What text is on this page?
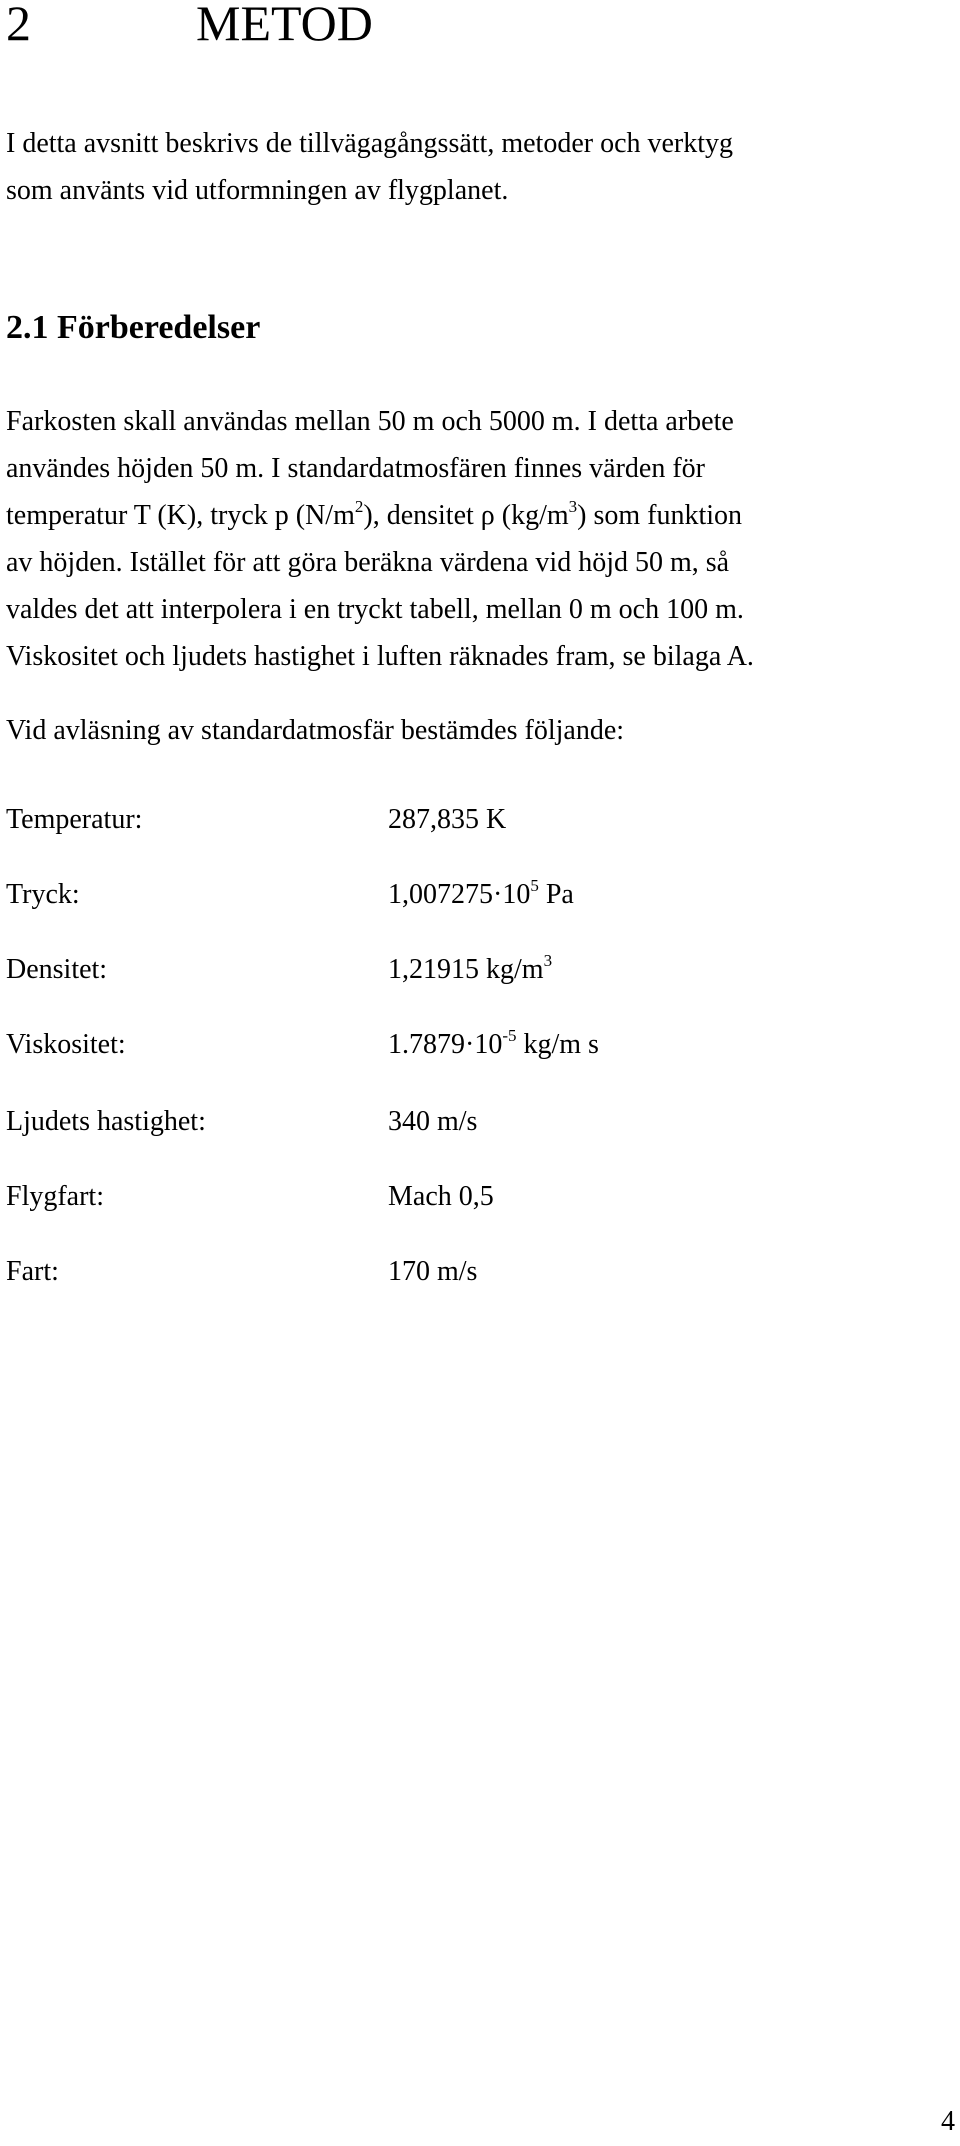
2	METOD

I detta avsnitt beskrivs de tillvägagångssätt, metoder och verktyg

som använts vid utformningen av flygplanet.

2.1 Förberedelser

Farkosten skall användas mellan 50 m och 5000 m. I detta arbete

användes höjden 50 m. I standardatmosfären finnes värden för

temperatur T (K), tryck p $(N/m^2)$, densitet ρ $(kg/m^3)$ som funktion

av höjden. Istället för att göra beräkna värdena vid höjd 50 m, så

valdes det att interpolera i en tryckt tabell, mellan 0 m och 100 m.

Viskositet och ljudets hastighet i luften räknades fram, se bilaga A.

Vid avläsning av standardatmosfär bestämdes följande:

Temperatur:	287,835 K
Tryck:	$1,007275\cdot 10^5$ Pa
Densitet:	1,21915 $kg/m^3$
Viskositet:	$1.7879\cdot 10^{-5}$ kg/m s
Ljudets hastighet:	340 m/s
Flygfart:	Mach 0,5
Fart:	170 m/s
4
